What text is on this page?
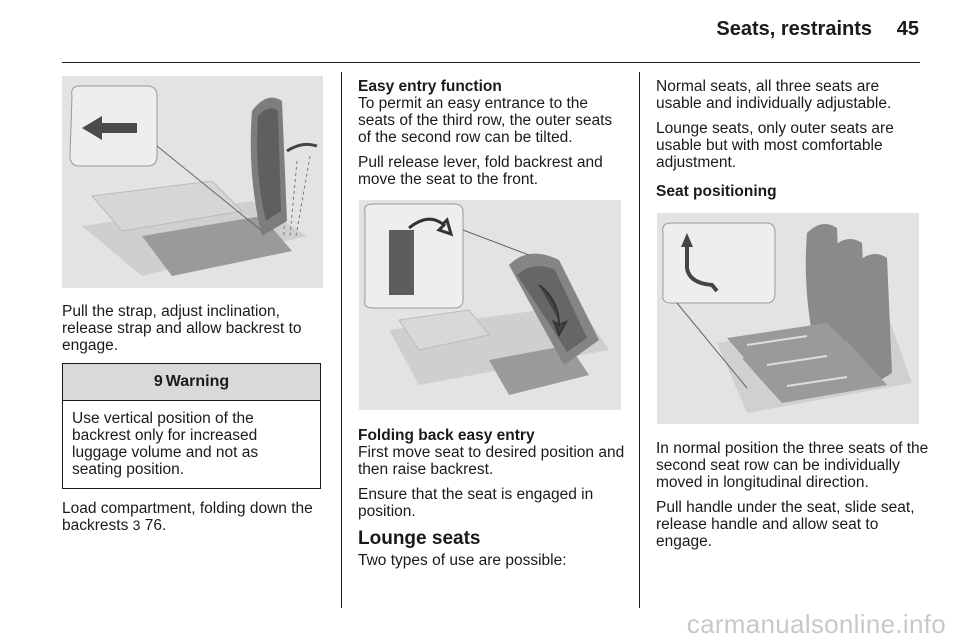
Seats, restraints 45

Pull the strap, adjust inclination, release strap and allow backrest to engage.

9 Warning
Use vertical position of the backrest only for increased luggage volume and not as seating position.

Load compartment, folding down the backrests 3 76.

Easy entry function

To permit an easy entrance to the seats of the third row, the outer seats of the second row can be tilted.

Pull release lever, fold backrest and move the seat to the front.

Folding back easy entry

First move seat to desired position and then raise backrest.

Ensure that the seat is engaged in position.

Lounge seats

Two types of use are possible:

Normal seats, all three seats are usable and individually adjustable.

Lounge seats, only outer seats are usable but with most comfortable adjustment.

Seat positioning

In normal position the three seats of the second seat row can be individually moved in longitudinal direction.

Pull handle under the seat, slide seat, release handle and allow seat to engage.

carmanualsonline.info
